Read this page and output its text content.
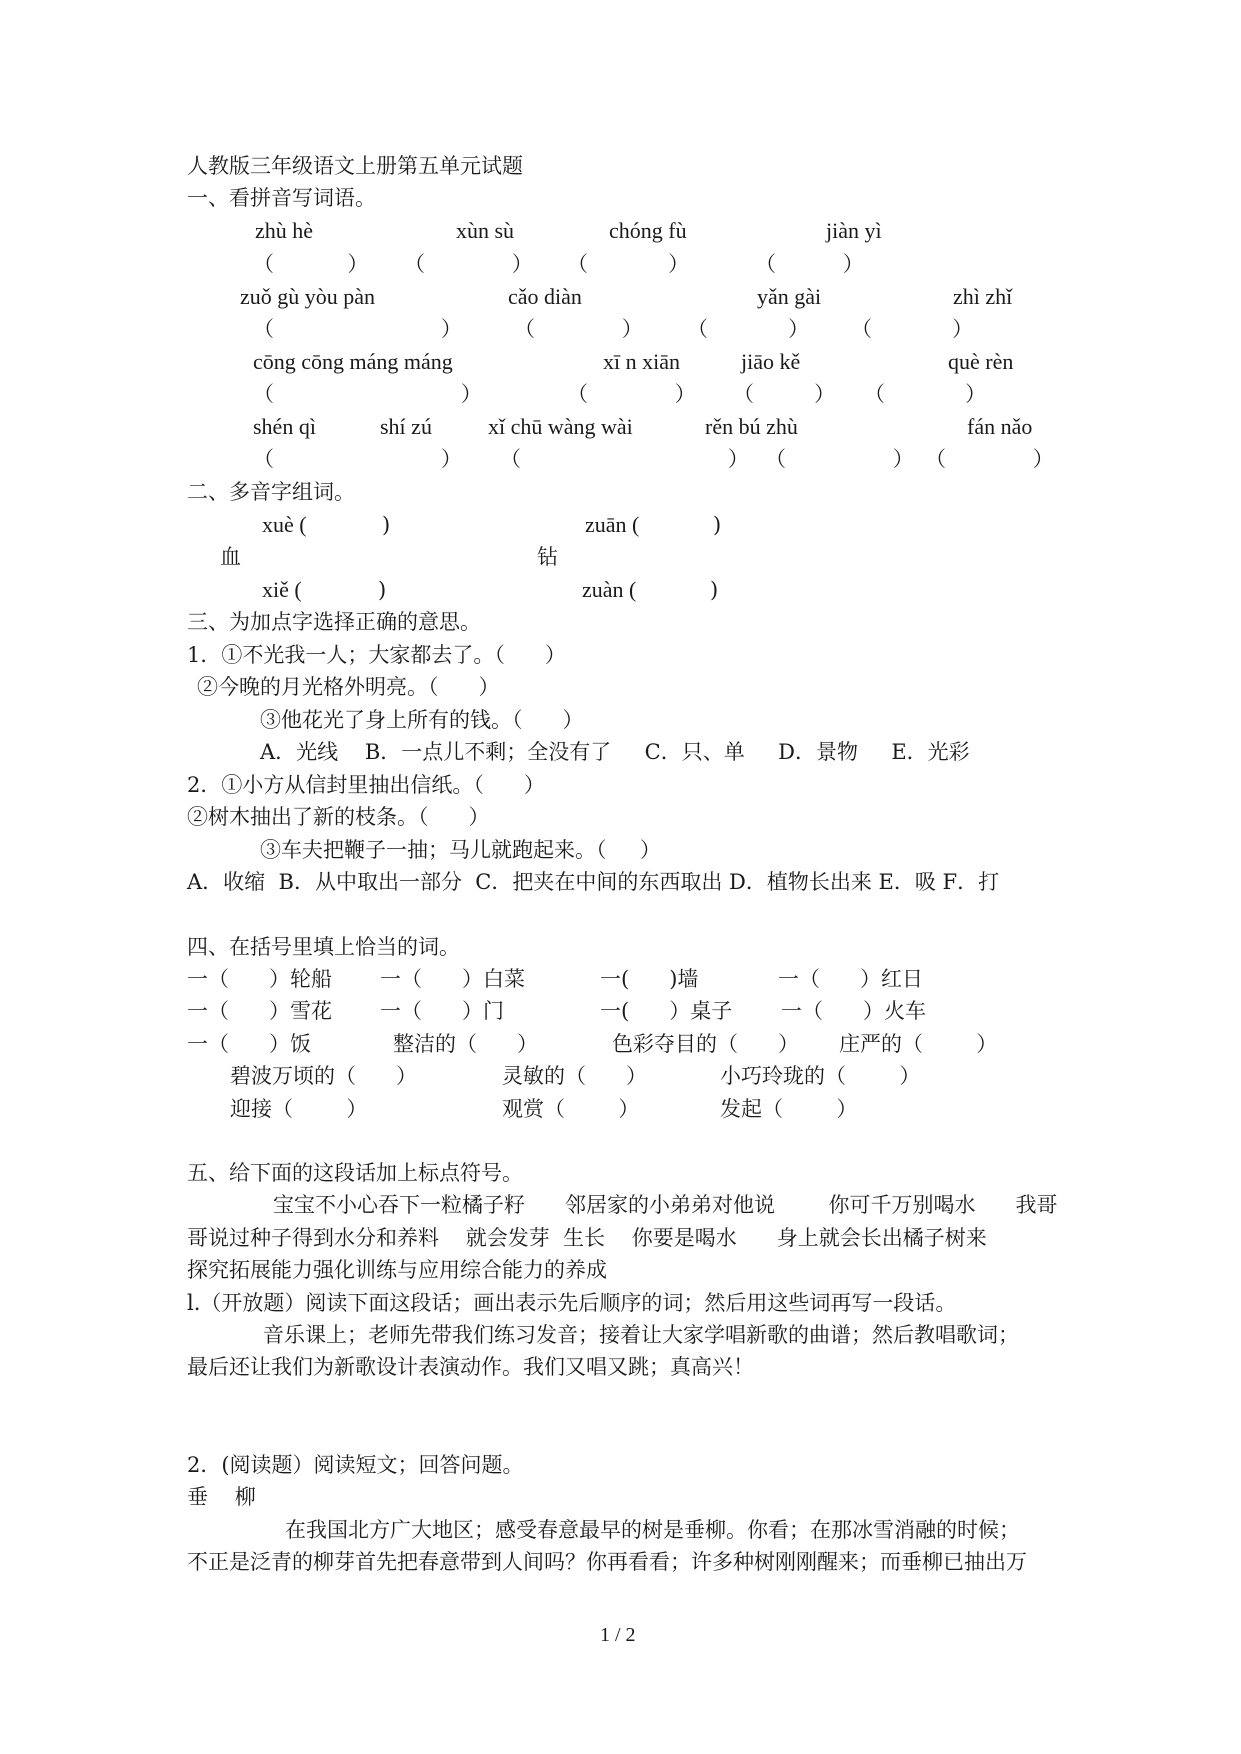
人教版三年级语文上册第五单元试题
一、看拼音写词语。
zhù hè	xùn sù	chóng fù	jiàn yì
（           ） （             ） （            ）	（          ）
zuǒ gù yòu pàn	cǎo diàn	yǎn gài	zhì zhǐ
（                         ） （             ） （            ） （            ）
cōng cōng máng máng	xī n xiān	jiāo kě	què rèn
（                            ）	（             ） （         ） （            ）
shén qì	shí zú	xǐ chū wàng wài	rěn bú zhù	fán nǎo
（                         ） （                               ） （                ） （             ）
二、多音字组词。
xuè (	)	zuān (	)
血	钻
xiě (	)	zuàn (	)
三、为加点字选择正确的意思。
1．①不光我一人；大家都去了。（      ）
②今晚的月光格外明亮。（      ）
③他花光了身上所有的钱。（      ）
A．光线    B．一点儿不剩；全没有了     C．只、单     D．景物     E．光彩
2．①小方从信封里抽出信纸。（      ）
②树木抽出了新的枝条。（      ）
③车夫把鞭子一抽；马儿就跑起来。（     ）
A．收缩  B．从中取出一部分  C．把夹在中间的东西取出 D．植物长出来 E．吸 F．打
四、在括号里填上恰当的词。
一（      ）轮船 一（      ）白菜	一(      )墙	一（      ）红日
一（      ）雪花 一（      ）门	一(      ）桌子 一（      ）火车
一（      ）饭	整洁的（      ）	色彩夺目的（      ） 庄严的（        ）
碧波万顷的（      ）	灵敏的（      ）	小巧玲珑的（        ）
迎接（        ）	观赏（        ）	发起（        ）
五、给下面的这段话加上标点符号。
宝宝不小心吞下一粒橘子籽      邻居家的小弟弟对他说        你可千万别喝水      我哥
哥说过种子得到水分和养料    就会发芽  生长    你要是喝水      身上就会长出橘子树来
探究拓展能力强化训练与应用综合能力的养成
l.（开放题）阅读下面这段话；画出表示先后顺序的词；然后用这些词再写一段话。
音乐课上；老师先带我们练习发音；接着让大家学唱新歌的曲谱；然后教唱歌词；
最后还让我们为新歌设计表演动作。我们又唱又跳；真高兴！
2．(阅读题）阅读短文；回答问题。
垂    柳
在我国北方广大地区；感受春意最早的树是垂柳。你看；在那冰雪消融的时候；
不正是泛青的柳芽首先把春意带到人间吗？你再看看；许多种树刚刚醒来；而垂柳已抽出万
1 / 2
